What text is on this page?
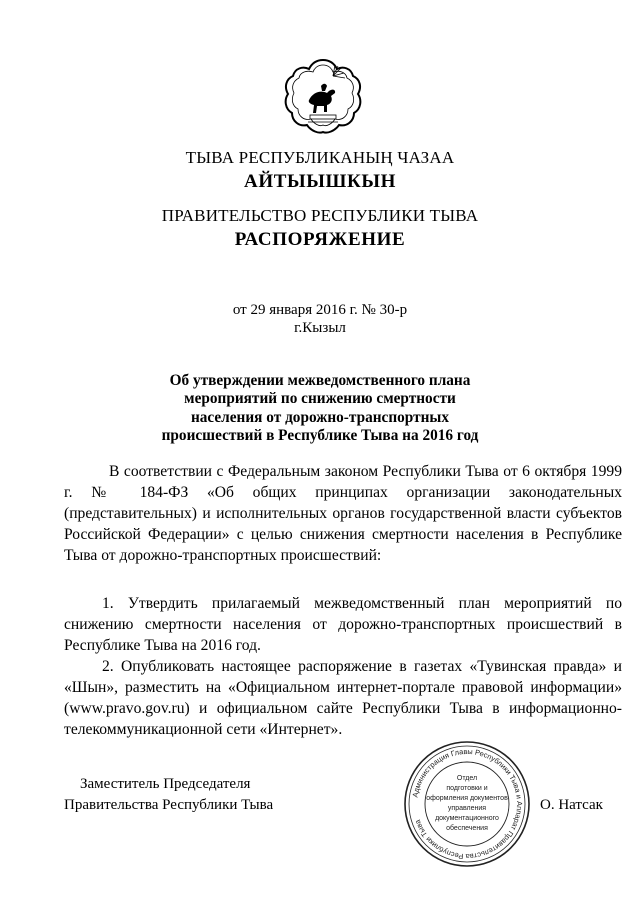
ТЫВА РЕСПУБЛИКАНЫҢ ЧАЗАА
АЙТЫЫШКЫН
ПРАВИТЕЛЬСТВО РЕСПУБЛИКИ ТЫВА
РАСПОРЯЖЕНИЕ
от 29 января 2016 г. № 30-р
г.Кызыл
Об утверждении межведомственного плана
мероприятий по снижению смертности
населения от дорожно-транспортных
происшествий в Республике Тыва на 2016 год

В соответствии с Федеральным законом Республики Тыва от 6 октября 1999 г. № 184-ФЗ «Об общих принципах организации законодательных (представительных) и исполнительных органов государственной власти субъектов Российской Федерации» с целью снижения смертности населения в Республике Тыва от дорожно-транспортных происшествий:

1. Утвердить прилагаемый межведомственный план мероприятий по снижению смертности населения от дорожно-транспортных происшествий в Республике Тыва на 2016 год.

2. Опубликовать настоящее распоряжение в газетах «Тувинская правда» и «Шын», разместить на «Официальном интернет-портале правовой информации» (www.pravo.gov.ru) и официальном сайте Республики Тыва в информационно-телекоммуникационной сети «Интернет».

Заместитель Председателя
Правительства Республики Тыва	О. Натсак
Администрация Главы Республики Тыва и Аппарат Правительства Республики Тыва
Отдел
подготовки и
оформления документов
управления
документационного
обеспечения
